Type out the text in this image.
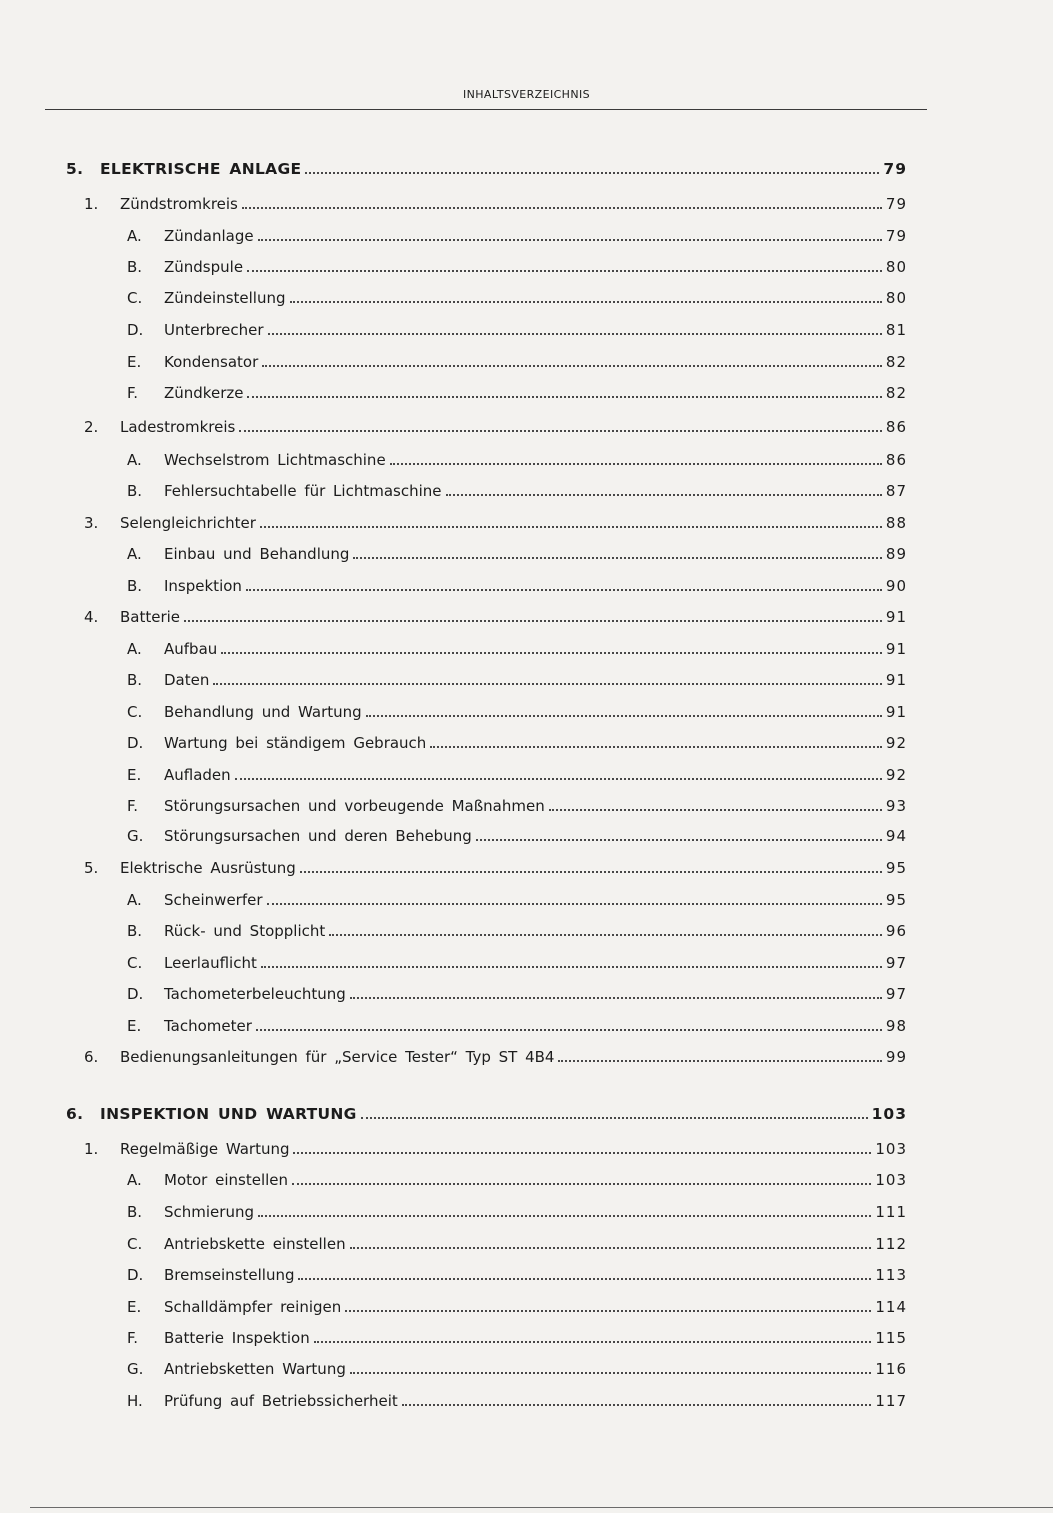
INHALTSVERZEICHNIS
5.	ELEKTRISCHE ANLAGE	79
1.	Zündstromkreis	79
A.	Zündanlage	79
B.	Zündspule	80
C.	Zündeinstellung	80
D.	Unterbrecher	81
E.	Kondensator	82
F.	Zündkerze	82
2.	Ladestromkreis	86
A.	Wechselstrom Lichtmaschine	86
B.	Fehlersuchtabelle für Lichtmaschine	87
3.	Selengleichrichter	88
A.	Einbau und Behandlung	89
B.	Inspektion	90
4.	Batterie	91
A.	Aufbau	91
B.	Daten	91
C.	Behandlung und Wartung	91
D.	Wartung bei ständigem Gebrauch	92
E.	Aufladen	92
F.	Störungsursachen und vorbeugende Maßnahmen	93
G.	Störungsursachen und deren Behebung	94
5.	Elektrische Ausrüstung	95
A.	Scheinwerfer	95
B.	Rück- und Stopplicht	96
C.	Leerlauflicht	97
D.	Tachometerbeleuchtung	97
E.	Tachometer	98
6.	Bedienungsanleitungen für „Service Tester“ Typ ST 4B4	99
6.	INSPEKTION UND WARTUNG	103
1.	Regelmäßige Wartung	103
A.	Motor einstellen	103
B.	Schmierung	111
C.	Antriebskette einstellen	112
D.	Bremseinstellung	113
E.	Schalldämpfer reinigen	114
F.	Batterie Inspektion	115
G.	Antriebsketten Wartung	116
H.	Prüfung auf Betriebssicherheit	117
